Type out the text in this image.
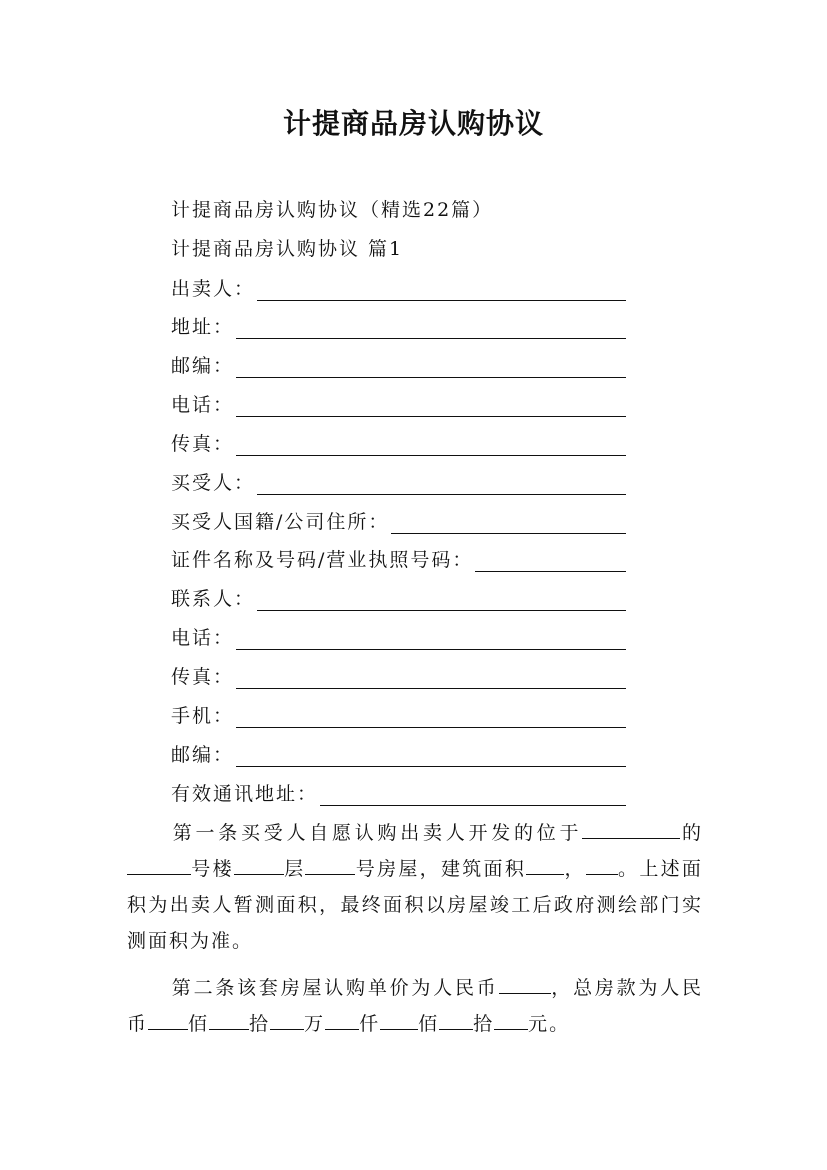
计提商品房认购协议
计提商品房认购协议（精选22篇）
计提商品房认购协议 篇1
出卖人：
地址：
邮编：
电话：
传真：
买受人：
买受人国籍/公司住所：
证件名称及号码/营业执照号码：
联系人：
电话：
传真：
手机：
邮编：
有效通讯地址：
第一条买受人自愿认购出卖人开发的位于	的号楼	层	号房屋，建筑面积 ， 。上述面积为出卖人暂测面积，最终面积以房屋竣工后政府测绘部门实测面积为准。
第二条该套房屋认购单价为人民币	，总房款为人民币 佰 拾 万 仟 佰 拾 元。
